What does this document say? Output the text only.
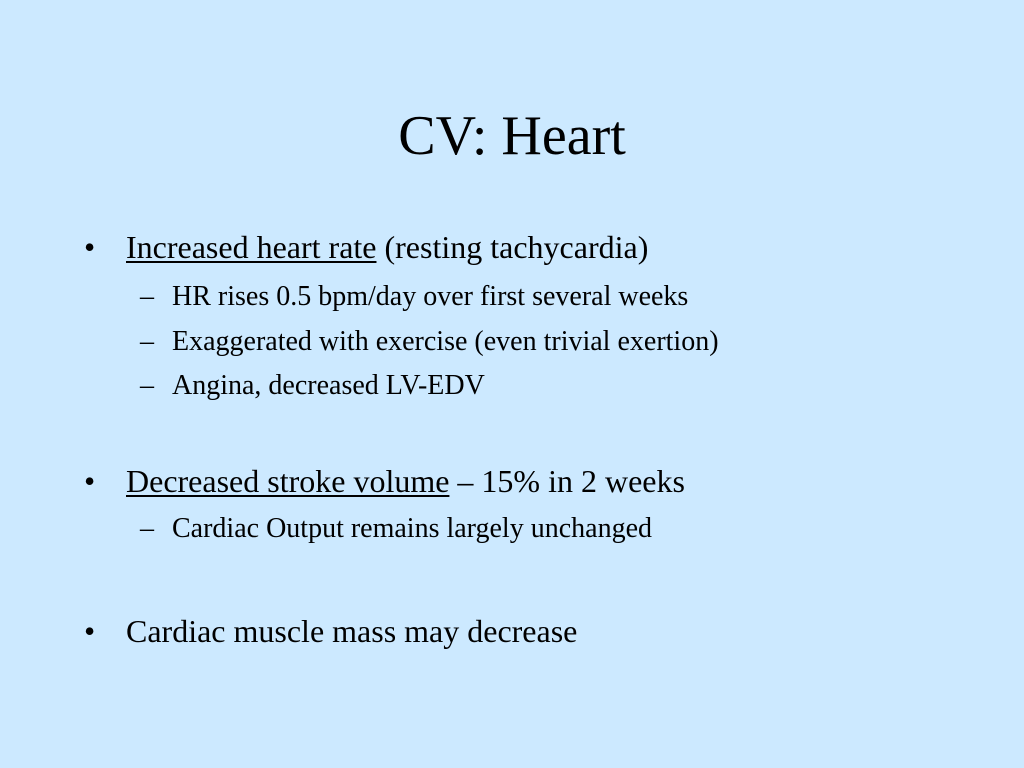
CV: Heart
• Increased heart rate (resting tachycardia)
– HR rises 0.5 bpm/day over first several weeks
– Exaggerated with exercise (even trivial exertion)
– Angina, decreased LV-EDV
• Decreased stroke volume – 15% in 2 weeks
– Cardiac Output remains largely unchanged
• Cardiac muscle mass may decrease
